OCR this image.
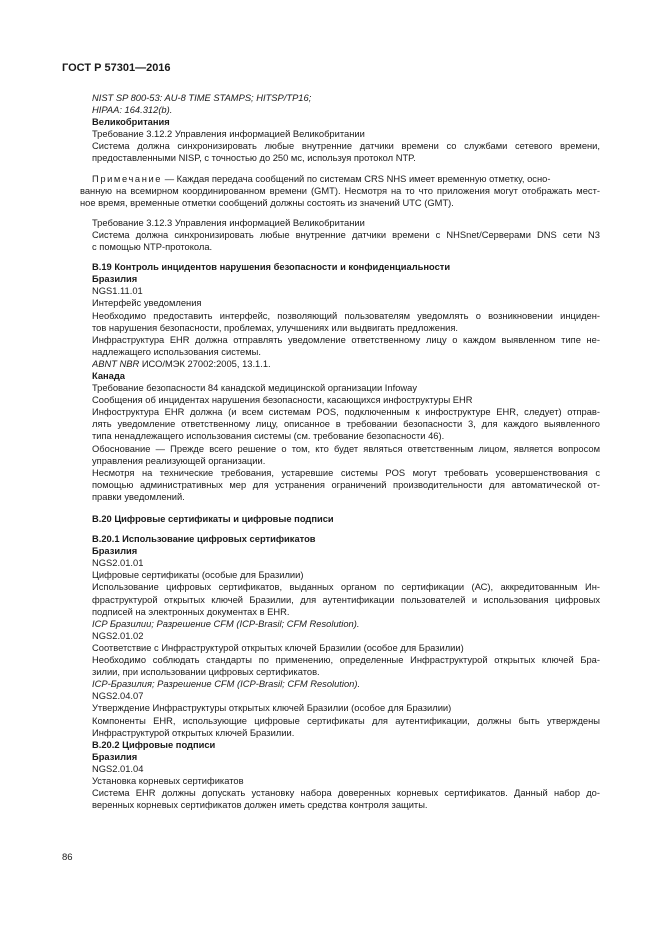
ГОСТ Р 57301—2016
NIST SP 800-53: AU-8 TIME STAMPS; HITSP/TP16;
HIPAA: 164.312(b).
Великобритания
Требование 3.12.2 Управления информацией Великобритании
Система должна синхронизировать любые внутренние датчики времени со службами сетевого времени,
предоставленными NISP, с точностью до 250 мс, используя протокол NTP.
Примечание — Каждая передача сообщений по системам CRS NHS имеет временную отметку, осно-
ванную на всемирном координированном времени (GMT). Несмотря на то что приложения могут отображать мест-
ное время, временные отметки сообщений должны состоять из значений UTC (GMT).
Требование 3.12.3 Управления информацией Великобритании
Система должна синхронизировать любые внутренние датчики времени с NHSnet/Серверами DNS сети N3
с помощью NTP-протокола.
В.19 Контроль инцидентов нарушения безопасности и конфиденциальности
Бразилия
NGS1.11.01
Интерфейс уведомления
Необходимо предоставить интерфейс, позволяющий пользователям уведомлять о возникновении инциден-
тов нарушения безопасности, проблемах, улучшениях или выдвигать предложения.
Инфраструктура EHR должна отправлять уведомление ответственному лицу о каждом выявленном типе не-
надлежащего использования системы.
ABNT NBR ИСО/МЭК 27002:2005, 13.1.1.
Канада
Требование безопасности 84 канадской медицинской организации Infoway
Сообщения об инцидентах нарушения безопасности, касающихся инфоструктуры EHR
Инфоструктура EHR должна (и всем системам POS, подключенным к инфоструктуре EHR, следует) отправ-
лять уведомление ответственному лицу, описанное в требовании безопасности 3, для каждого выявленного
типа ненадлежащего использования системы (см. требование безопасности 46).
Обоснование — Прежде всего решение о том, кто будет являться ответственным лицом, является вопросом
управления реализующей организации.
Несмотря на технические требования, устаревшие системы POS могут требовать усовершенствования с
помощью административных мер для устранения ограничений производительности для автоматической от-
правки уведомлений.
В.20 Цифровые сертификаты и цифровые подписи
В.20.1 Использование цифровых сертификатов
Бразилия
NGS2.01.01
Цифровые сертификаты (особые для Бразилии)
Использование цифровых сертификатов, выданных органом по сертификации (АС), аккредитованным Ин-
фраструктурой открытых ключей Бразилии, для аутентификации пользователей и использования цифровых
подписей на электронных документах в EHR.
ICP Бразилии; Разрешение CFM (ICP-Brasil; CFM Resolution).
NGS2.01.02
Соответствие с Инфраструктурой открытых ключей Бразилии (особое для Бразилии)
Необходимо соблюдать стандарты по применению, определенные Инфраструктурой открытых ключей Бра-
зилии, при использовании цифровых сертификатов.
ICP-Бразилия; Разрешение CFM (ICP-Brasil; CFM Resolution).
NGS2.04.07
Утверждение Инфраструктуры открытых ключей Бразилии (особое для Бразилии)
Компоненты EHR, использующие цифровые сертификаты для аутентификации, должны быть утверждены
Инфраструктурой открытых ключей Бразилии.
В.20.2 Цифровые подписи
Бразилия
NGS2.01.04
Установка корневых сертификатов
Система EHR должны допускать установку набора доверенных корневых сертификатов. Данный набор до-
веренных корневых сертификатов должен иметь средства контроля защиты.
86
